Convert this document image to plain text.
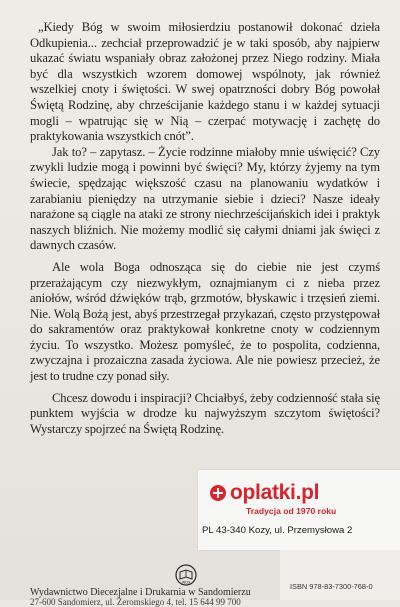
„Kiedy Bóg w swoim miłosierdziu postanowił dokonać dzieła Odkupienia... zechciał przeprowadzić je w taki sposób, aby najpierw ukazać światu wspaniały obraz założonej przez Niego rodziny. Miała być dla wszystkich wzorem domowej wspólnoty, jak również wszelkiej cnoty i świętości. W swej opatrzności dobry Bóg powołał Świętą Rodzinę, aby chrześcijanie każdego stanu i w każdej sytuacji mogli – wpatrując się w Nią – czerpać motywację i zachętę do praktykowania wszystkich cnót”.

Jak to? – zapytasz. – Życie rodzinne miałoby mnie uświęcić? Czy zwykli ludzie mogą i powinni być święci? My, którzy żyjemy na tym świecie, spędzając większość czasu na planowaniu wydatków i zarabianiu pieniędzy na utrzymanie siebie i dzieci? Nasze ideały narażone są ciągle na ataki ze strony niechrześcijańskich idei i praktyk naszych bliźnich. Nie możemy modlić się całymi dniami jak święci z dawnych czasów.

Ale wola Boga odnosząca się do ciebie nie jest czymś przerażającym czy niezwykłym, oznajmianym ci z nieba przez aniołów, wśród dźwięków trąb, grzmotów, błyskawic i trzęsień ziemi. Nie. Wolą Bożą jest, abyś przestrzegał przykazań, często przystępował do sakramentów oraz praktykował konkretne cnoty w codziennym życiu. To wszystko. Możesz pomyśleć, że to pospolita, codzienna, zwyczajna i prozaiczna zasada życiowa. Ale nie powiesz przecież, że jest to trudne czy ponad siły.

Chcesz dowodu i inspiracji? Chciałbyś, żeby codzienność stała się punktem wyjścia w drodze ku najwyższym szczytom świętości? Wystarczy spojrzeć na Świętą Rodzinę.

oplatki.pl
Tradycja od 1970 roku
PL 43-340 Kozy, ul. Przemysłowa 2
ISBN 978-83-7300-768-0
WDS
Wydawnictwo Diecezjalne i Drukarnia w Sandomierzu
27-600 Sandomierz, ul. Żeromskiego 4, tel. 15 644 99 700
